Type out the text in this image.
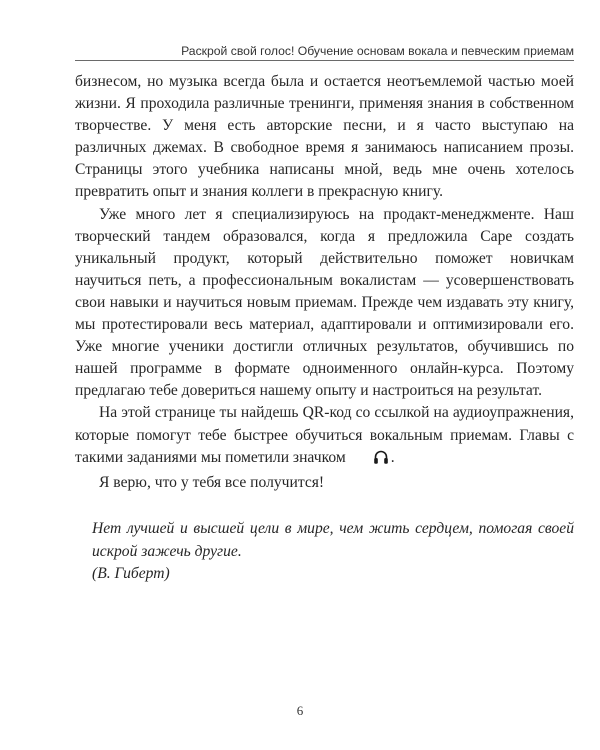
Раскрой свой голос! Обучение основам вокала и певческим приемам

бизнесом, но музыка всегда была и остается неотъемлемой частью моей жизни. Я проходила различные тренинги, применяя знания в собственном творчестве. У меня есть авторские песни, и я часто выступаю на различных джемах. В свободное время я занимаюсь написанием прозы. Страницы этого учебника написаны мной, ведь мне очень хотелось превратить опыт и знания коллеги в прекрасную книгу.

Уже много лет я специализируюсь на продакт-менеджменте. Наш творческий тандем образовался, когда я предложила Саре создать уникальный продукт, который действительно поможет новичкам научиться петь, а профессиональным вокалистам — усовершенствовать свои навыки и научиться новым приемам. Прежде чем издавать эту книгу, мы протестировали весь материал, адаптировали и оптимизировали его. Уже многие ученики достигли отличных результатов, обучившись по нашей программе в формате одноименного онлайн-курса. Поэтому предлагаю тебе довериться нашему опыту и настроиться на результат.

На этой странице ты найдешь QR-код со ссылкой на аудиоупражнения, которые помогут тебе быстрее обучиться вокальным приемам. Главы с такими заданиями мы пометили значком	.

Я верю, что у тебя все получится!

Нет лучшей и высшей цели в мире, чем жить сердцем, помогая своей искрой зажечь другие.

(В. Гиберт)

6
